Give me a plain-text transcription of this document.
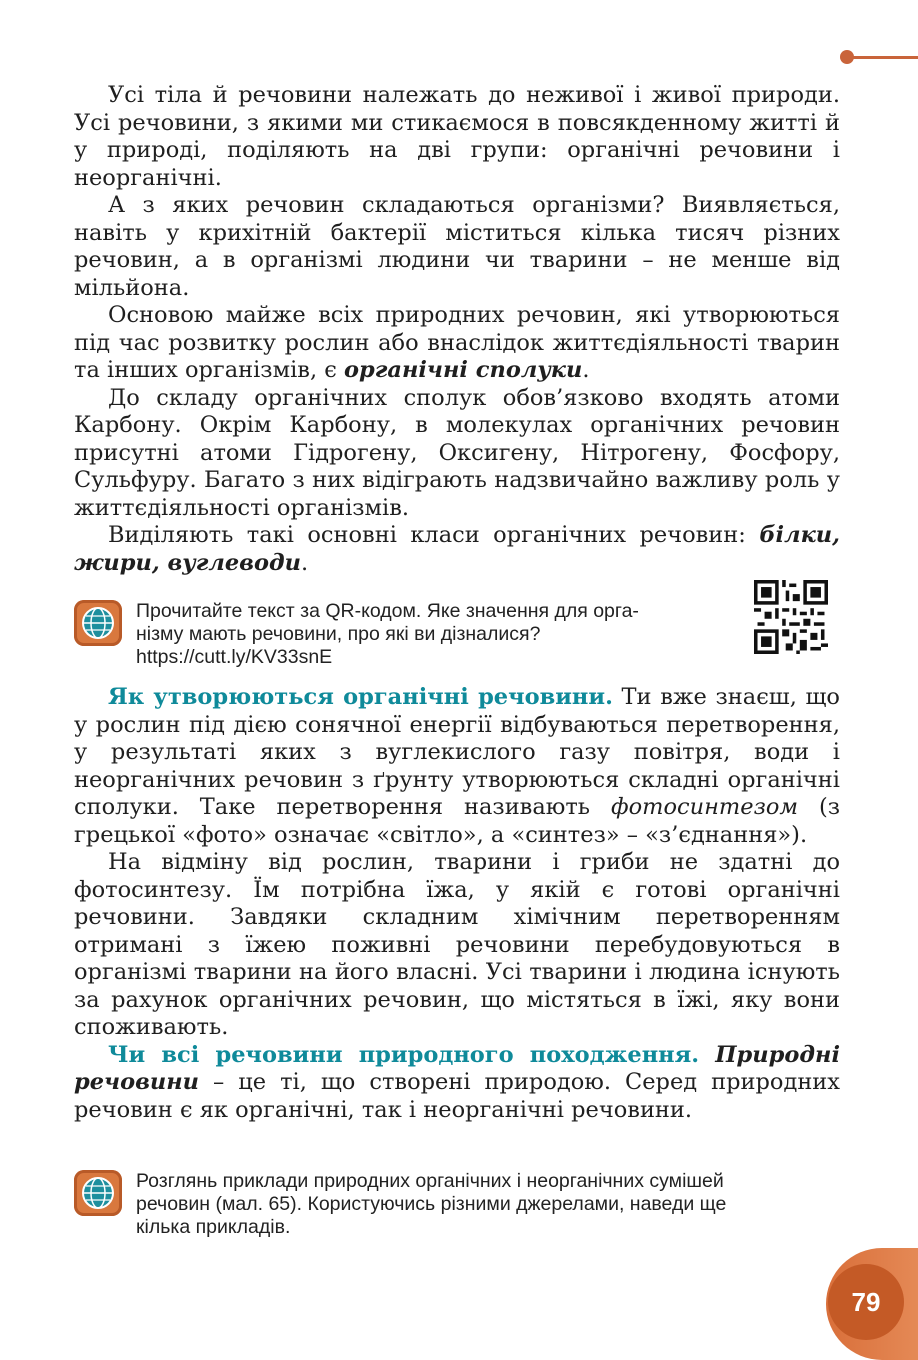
Усі тіла й речовини належать до неживої і живої природи. Усі речовини, з якими ми стикаємося в повсякденному житті й у природі, поділяють на дві групи: органічні речовини і неорганічні.

А з яких речовин складаються організми? Виявляється, навіть у крихітній бактерії міститься кілька тисяч різних речовин, а в організмі людини чи тварини – не менше від мільйона.

Основою майже всіх природних речовин, які утворюються під час розвитку рослин або внаслідок життєдіяльності тварин та інших організмів, є органічні сполуки.

До складу органічних сполук обов’язково входять атоми Карбону. Окрім Карбону, в молекулах органічних речовин присутні атоми Гідрогену, Оксигену, Нітрогену, Фосфору, Сульфуру. Багато з них відіграють надзвичайно важливу роль у життєдіяльності організмів.

Виділяють такі основні класи органічних речовин: білки, жири, вуглеводи.

Прочитайте текст за QR-кодом. Яке значення для орга-
нізму мають речовини, про які ви дізналися?
https://cutt.ly/KV33snE

Як утворюються органічні речовини. Ти вже знаєш, що у рослин під дією сонячної енергії відбуваються перетворення, у результаті яких з вуглекислого газу повітря, води і неорганічних речовин з ґрунту утворюються складні органічні сполуки. Таке перетворення називають фотосинтезом (з грецької «фото» означає «світло», а «синтез» – «з’єднання»).

На відміну від рослин, тварини і гриби не здатні до фотосинтезу. Їм потрібна їжа, у якій є готові органічні речовини. Завдяки складним хімічним перетворенням отримані з їжею поживні речовини перебудовуються в організмі тварини на його власні. Усі тварини і людина існують за рахунок органічних речовин, що містяться в їжі, яку вони споживають.

Чи всі речовини природного походження. Природні речовини – це ті, що створені природою. Серед природних речовин є як органічні, так і неорганічні речовини.

Розглянь приклади природних органічних і неорганічних сумішей
речовин (мал. 65). Користуючись різними джерелами, наведи ще
кілька прикладів.
79
